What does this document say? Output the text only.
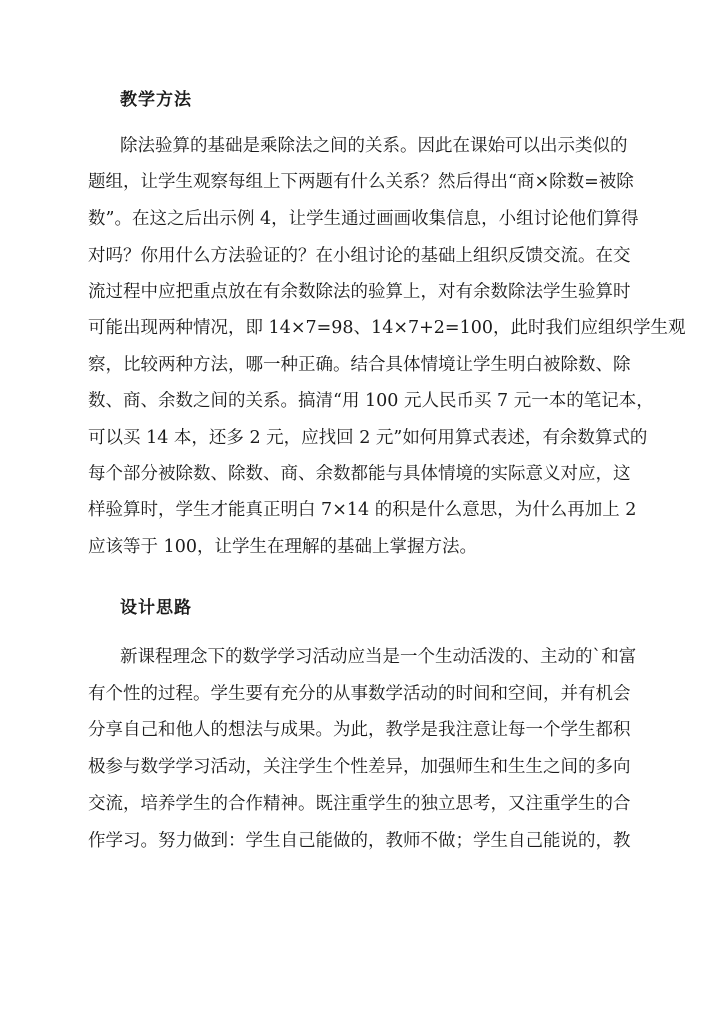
教学方法
除法验算的基础是乘除法之间的关系。因此在课始可以出示类似的
题组，让学生观察每组上下两题有什么关系？然后得出“商×除数=被除
数”。在这之后出示例 4，让学生通过画画收集信息，小组讨论他们算得
对吗？你用什么方法验证的？在小组讨论的基础上组织反馈交流。在交
流过程中应把重点放在有余数除法的验算上，对有余数除法学生验算时
可能出现两种情况，即 14×7=98、14×7+2=100，此时我们应组织学生观
察，比较两种方法，哪一种正确。结合具体情境让学生明白被除数、除
数、商、余数之间的关系。搞清“用 100 元人民币买 7 元一本的笔记本，
可以买 14 本，还多 2 元，应找回 2 元”如何用算式表述，有余数算式的
每个部分被除数、除数、商、余数都能与具体情境的实际意义对应，这
样验算时，学生才能真正明白 7×14 的积是什么意思，为什么再加上 2
应该等于 100，让学生在理解的基础上掌握方法。
设计思路
新课程理念下的数学学习活动应当是一个生动活泼的、主动的`和富
有个性的过程。学生要有充分的从事数学活动的时间和空间，并有机会
分享自己和他人的想法与成果。为此，教学是我注意让每一个学生都积
极参与数学学习活动，关注学生个性差异，加强师生和生生之间的多向
交流，培养学生的合作精神。既注重学生的独立思考，又注重学生的合
作学习。努力做到：学生自己能做的，教师不做；学生自己能说的，教
